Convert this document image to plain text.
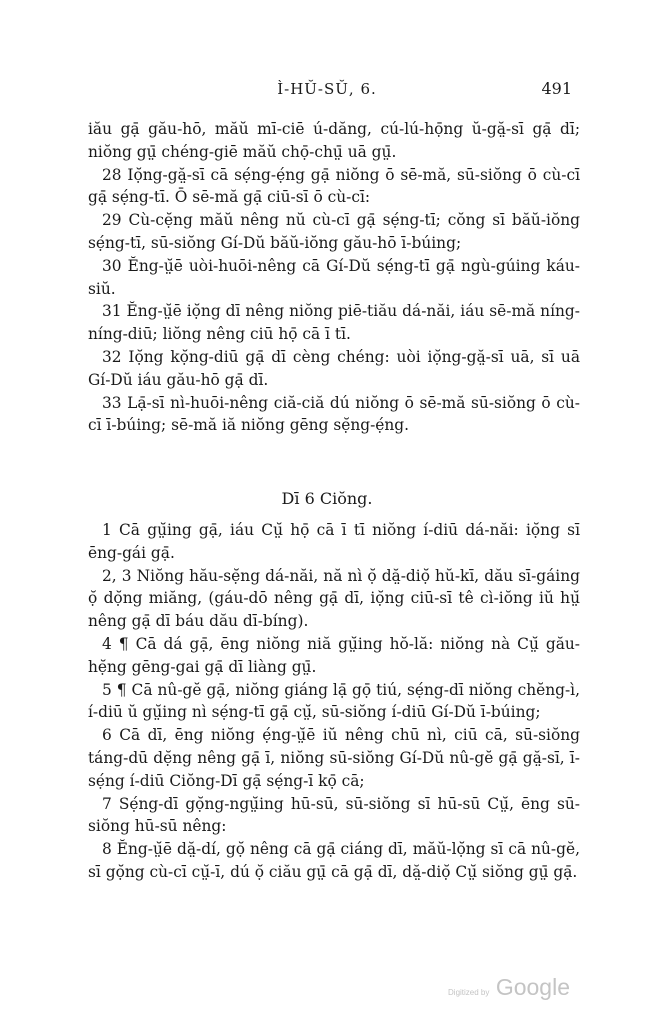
Ì-HŬ-SŬ, 6.	491

iău gạ̄ gău-hō, măŭ mī-ciē ú-dăng, cú-lú-họ̄ng ŭ-gă̤-sī gạ̄ dī; niŏng gṳ̄ chéng-giē măŭ chọ̄-chṳ̄ uā gṳ̄.

28 Iọ̆ng-gă̤-sī cā sẹ́ng-ẹ́ng gạ̄ niŏng ō sē-mă, sū-siŏng ō cù-cī gạ̄ sẹ́ng-tī. Ō sē-mă gạ̄ ciū-sī ō cù-cī:

29 Cù-cẹ̆ng măŭ nêng nŭ cù-cī gạ̄ sẹ́ng-tī; cŏng sī băŭ-iŏng sẹ́ng-tī, sū-siŏng Gí-Dŭ băŭ-iŏng gău-hō ī-búing;

30 Ĕng-ṳ̆ē uòi-huōi-nêng cā Gí-Dŭ sẹ́ng-tī gạ̄ ngù-gúing káu-siŭ.

31 Ĕng-ṳ̆ē iọ̆ng dī nêng niŏng piē-tiău dá-năi, iáu sē-mă níng-níng-diū; liŏng nêng ciū họ̄ cā ī tī.

32 Iọ̆ng kọ̆ng-diū gạ̄ dī cèng chéng: uòi iọ̆ng-gă̤-sī uā, sī uā Gí-Dŭ iáu gău-hō gạ̄ dī.

33 Lạ̄-sī nì-huōi-nêng ciă-ciă dú niŏng ō sē-mă sū-siŏng ō cù-cī ī-búing; sē-mă iă niŏng gēng sẹ̆ng-ẹ́ng.

Dī 6 Ciŏng.

1 Cā gṳ̆ing gạ̄, iáu Cṳ̆ họ̄ cā ī tī niŏng í-diū dá-năi: iọ̆ng sī ēng-gái gạ̄.

2, 3 Niŏng hău-sẹ̆ng dá-năi, nă nì ọ̆ dă̤-diọ̆ hŭ-kī, dău sī-gáing ọ̆ dọ̆ng miăng, (gáu-dō nêng gạ̄ dī, iọ̆ng ciū-sī tê cì-iŏng iŭ hṳ̆ nêng gạ̄ dī báu dău dī-bíng).

4 ¶ Cā dá gạ̄, ēng niŏng niă gṳ̆ing hŏ-lă: niŏng nà Cṳ̆ gău-hẹ̆ng gēng-gai gạ̄ dī liàng gṳ̄.

5 ¶ Cā nû-gĕ gạ̄, niŏng giáng lạ̄ gọ̄ tiú, sẹ́ng-dī niŏng chĕng-ì, í-diū ŭ gṳ̆ing nì sẹ́ng-tī gạ̄ cṳ̆, sū-siŏng í-diū Gí-Dŭ ī-búing;

6 Cā dī, ēng niŏng ẹ́ng-ṳ̆ē iŭ nêng chū nì, ciū cā, sū-siŏng táng-dū dẹ̆ng nêng gạ̄ ī, niŏng sū-siŏng Gí-Dŭ nû-gĕ gạ̄ gă̤-sī, ī-sẹ́ng í-diū Ciŏng-Dī gạ̄ sẹ́ng-ī kọ̄ cā;

7 Sẹ́ng-dī gọ̆ng-ngṳ̆ing hū-sū, sū-siŏng sī hū-sū Cṳ̆, ēng sū-siŏng hū-sū nêng:

8 Ĕng-ṳ̆ē dă̤-dí, gọ̆ nêng cā gạ̄ ciáng dī, măŭ-lọ̆ng sī cā nû-gĕ, sī gọ̆ng cù-cī cṳ̆-ī, dú ọ̆ ciău gṳ̄ cā gạ̄ dī, dă̤-diọ̆ Cṳ̆ siŏng gṳ̄ gạ̄.

Digitized by Google
